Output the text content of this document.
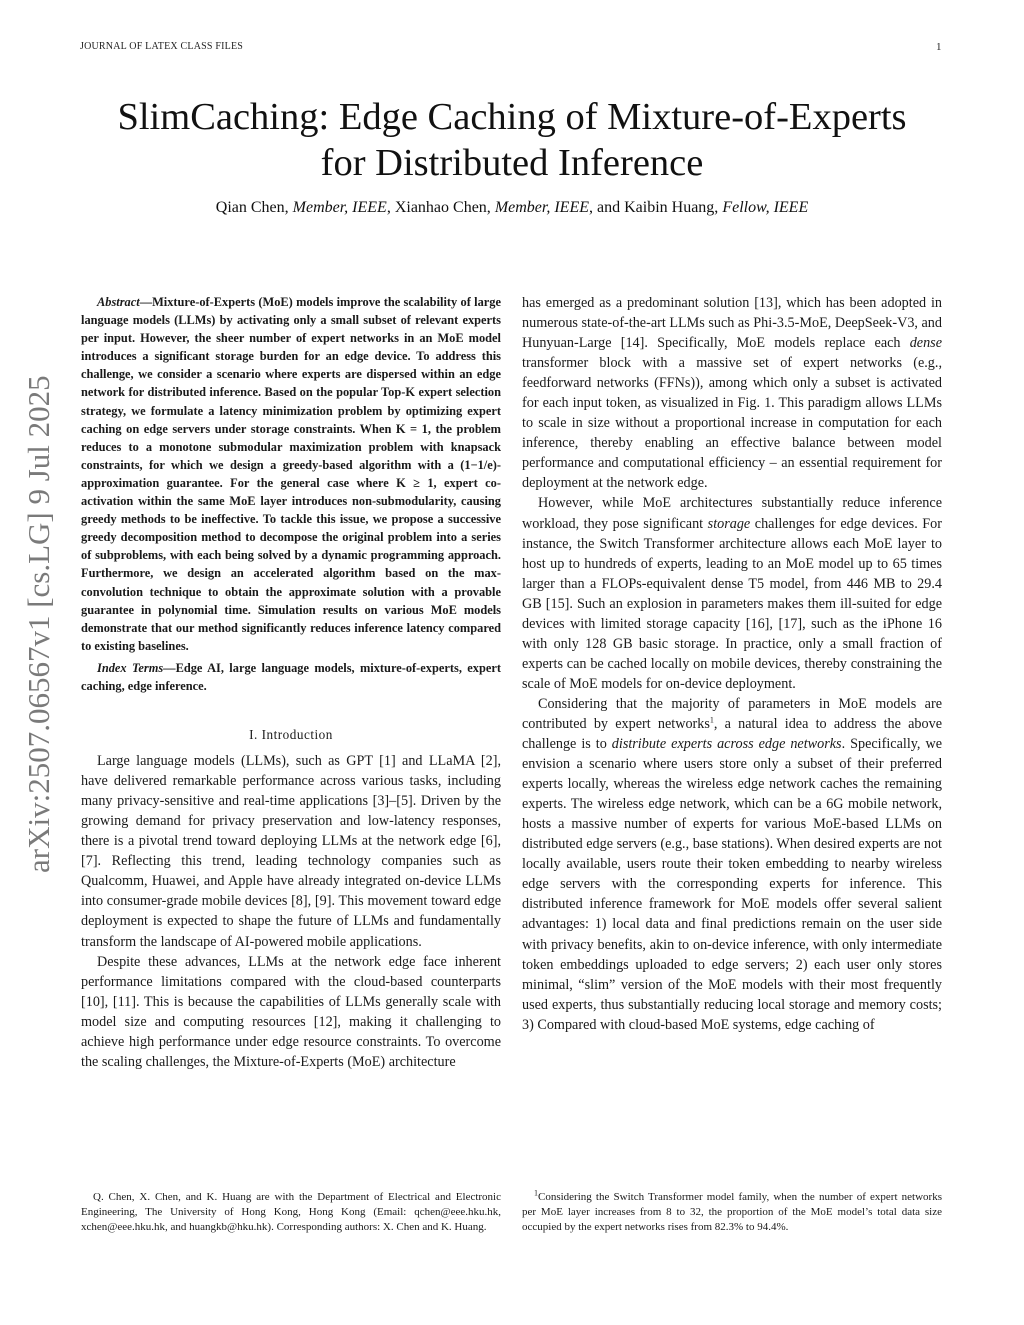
JOURNAL OF LATEX CLASS FILES	1
SlimCaching: Edge Caching of Mixture-of-Experts
for Distributed Inference
Qian Chen, Member, IEEE, Xianhao Chen, Member, IEEE, and Kaibin Huang, Fellow, IEEE
arXiv:2507.06567v1 [cs.LG] 9 Jul 2025

Abstract—Mixture-of-Experts (MoE) models improve the scalability of large language models (LLMs) by activating only a small subset of relevant experts per input. However, the sheer number of expert networks in an MoE model introduces a significant storage burden for an edge device. To address this challenge, we consider a scenario where experts are dispersed within an edge network for distributed inference. Based on the popular Top-K expert selection strategy, we formulate a latency minimization problem by optimizing expert caching on edge servers under storage constraints. When K = 1, the problem reduces to a monotone submodular maximization problem with knapsack constraints, for which we design a greedy-based algorithm with a (1−1/e)-approximation guarantee. For the general case where K ≥ 1, expert co-activation within the same MoE layer introduces non-submodularity, causing greedy methods to be ineffective. To tackle this issue, we propose a successive greedy decomposition method to decompose the original problem into a series of subproblems, with each being solved by a dynamic programming approach. Furthermore, we design an accelerated algorithm based on the max-convolution technique to obtain the approximate solution with a provable guarantee in polynomial time. Simulation results on various MoE models demonstrate that our method significantly reduces inference latency compared to existing baselines.

Index Terms—Edge AI, large language models, mixture-of-experts, expert caching, edge inference.

I. Introduction

Large language models (LLMs), such as GPT [1] and LLaMA [2], have delivered remarkable performance across various tasks, including many privacy-sensitive and real-time applications [3]–[5]. Driven by the growing demand for privacy preservation and low-latency responses, there is a pivotal trend toward deploying LLMs at the network edge [6], [7]. Reflecting this trend, leading technology companies such as Qualcomm, Huawei, and Apple have already integrated on-device LLMs into consumer-grade mobile devices [8], [9]. This movement toward edge deployment is expected to shape the future of LLMs and fundamentally transform the landscape of AI-powered mobile applications.

Despite these advances, LLMs at the network edge face inherent performance limitations compared with the cloud-based counterparts [10], [11]. This is because the capabilities of LLMs generally scale with model size and computing resources [12], making it challenging to achieve high performance under edge resource constraints. To overcome the scaling challenges, the Mixture-of-Experts (MoE) architecture

has emerged as a predominant solution [13], which has been adopted in numerous state-of-the-art LLMs such as Phi-3.5-MoE, DeepSeek-V3, and Hunyuan-Large [14]. Specifically, MoE models replace each dense transformer block with a massive set of expert networks (e.g., feedforward networks (FFNs)), among which only a subset is activated for each input token, as visualized in Fig. 1. This paradigm allows LLMs to scale in size without a proportional increase in computation for each inference, thereby enabling an effective balance between model performance and computational efficiency – an essential requirement for deployment at the network edge.

However, while MoE architectures substantially reduce inference workload, they pose significant storage challenges for edge devices. For instance, the Switch Transformer architecture allows each MoE layer to host up to hundreds of experts, leading to an MoE model up to 65 times larger than a FLOPs-equivalent dense T5 model, from 446 MB to 29.4 GB [15]. Such an explosion in parameters makes them ill-suited for edge devices with limited storage capacity [16], [17], such as the iPhone 16 with only 128 GB basic storage. In practice, only a small fraction of experts can be cached locally on mobile devices, thereby constraining the scale of MoE models for on-device deployment.

Considering that the majority of parameters in MoE models are contributed by expert networks$^1$, a natural idea to address the above challenge is to distribute experts across edge networks. Specifically, we envision a scenario where users store only a subset of their preferred experts locally, whereas the wireless edge network caches the remaining experts. The wireless edge network, which can be a 6G mobile network, hosts a massive number of experts for various MoE-based LLMs on distributed edge servers (e.g., base stations). When desired experts are not locally available, users route their token embedding to nearby wireless edge servers with the corresponding experts for inference. This distributed inference framework for MoE models offer several salient advantages: 1) local data and final predictions remain on the user side with privacy benefits, akin to on-device inference, with only intermediate token embeddings uploaded to edge servers; 2) each user only stores minimal, “slim” version of the MoE models with their most frequently used experts, thus substantially reducing local storage and memory costs; 3) Compared with cloud-based MoE systems, edge caching of

Q. Chen, X. Chen, and K. Huang are with the Department of Electrical and Electronic Engineering, The University of Hong Kong, Hong Kong (Email: qchen@eee.hku.hk, xchen@eee.hku.hk, and huangkb@hku.hk). Corresponding authors: X. Chen and K. Huang.
$^1$Considering the Switch Transformer model family, when the number of expert networks per MoE layer increases from 8 to 32, the proportion of the MoE model’s total data size occupied by the expert networks rises from 82.3% to 94.4%.
